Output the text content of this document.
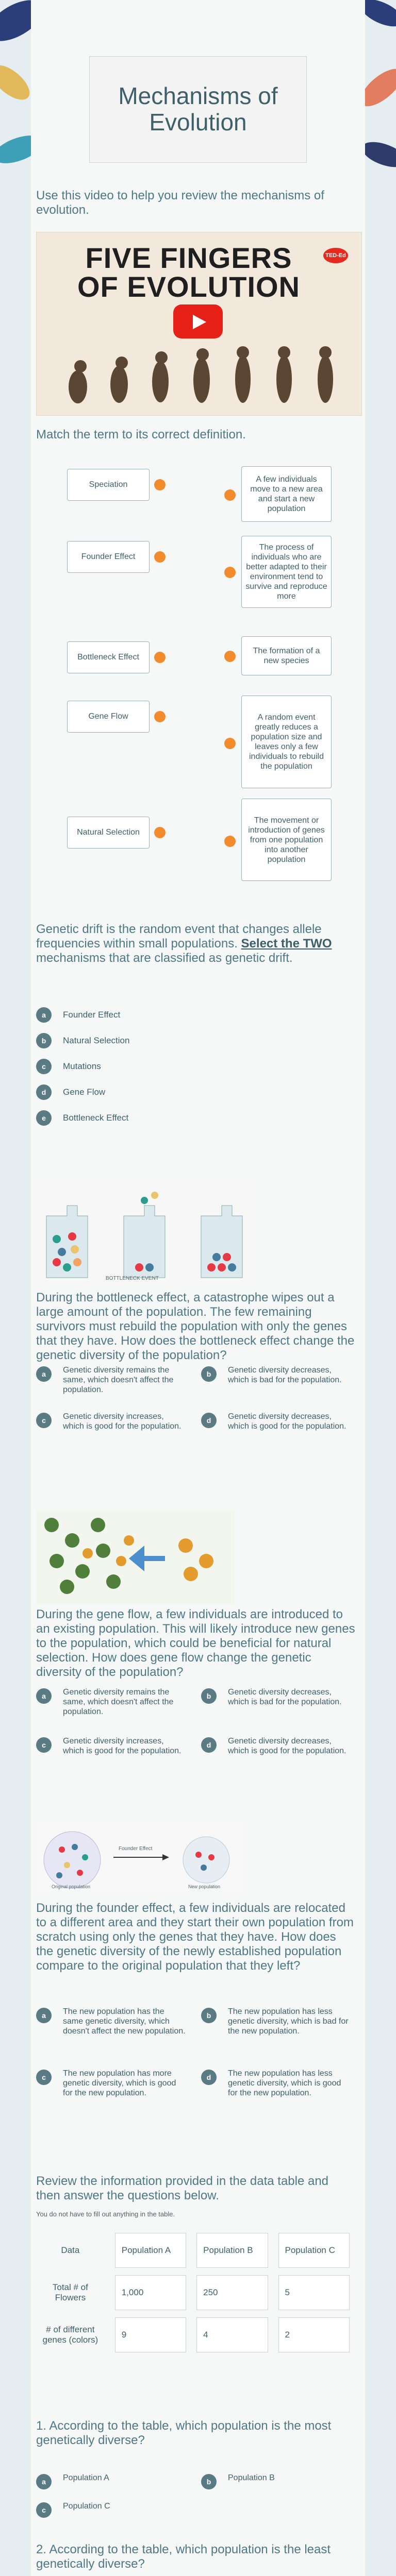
Mechanisms of Evolution
Use this video to help you review the mechanisms of evolution.
FIVE FINGERS OF EVOLUTION
TED-Ed
Match the term to its correct definition.
Speciation
Founder Effect
Bottleneck Effect
Gene Flow
Natural Selection
A few individuals move to a new area and start a new population
The process of individuals who are better adapted to their environment tend to survive and reproduce more
The formation of a new species
A random event greatly reduces a population size and leaves only a few individuals to rebuild the population
The movement or introduction of genes from one population into another population
Genetic drift is the random event that changes allele frequencies within small populations. Select the TWO mechanisms that are classified as genetic drift.
a	Founder Effect
b	Natural Selection
c	Mutations
d	Gene Flow
e	Bottleneck Effect
BOTTLENECK EVENT
During the bottleneck effect, a catastrophe wipes out a large amount of the population. The few remaining survivors must rebuild the population with only the genes that they have. How does the bottleneck effect change the genetic diversity of the population?
a	Genetic diversity remains the same, which doesn't affect the population.
b	Genetic diversity decreases, which is bad for the population.
c	Genetic diversity increases, which is good for the population.
d	Genetic diversity decreases, which is good for the population.
During the gene flow, a few individuals are introduced to an existing population. This will likely introduce new genes to the population, which could be beneficial for natural selection. How does gene flow change the genetic diversity of the population?
a	Genetic diversity remains the same, which doesn't affect the population.
b	Genetic diversity decreases, which is bad for the population.
c	Genetic diversity increases, which is good for the population.
d	Genetic diversity decreases, which is good for the population.
Founder Effect
Original population	New population
During the founder effect, a few individuals are relocated to a different area and they start their own population from scratch using only the genes that they have. How does the genetic diversity of the newly established population compare to the original population that they left?
a	The new population has the same genetic diversity, which doesn't affect the new population.
b	The new population has less genetic diversity, which is bad for the new population.
c	The new population has more genetic diversity, which is good for the new population.
d	The new population has less genetic diversity, which is good for the new population.
Review the information provided in the data table and then answer the questions below.
You do not have to fill out anything in the table.
Data	Population A	Population B	Population C
Total # of Flowers	1,000	250	5
# of different genes (colors)	9	4	2
1. According to the table, which population is the most genetically diverse?
a	Population A	b	Population B
c	Population C
2. According to the table, which population is the least genetically diverse?
